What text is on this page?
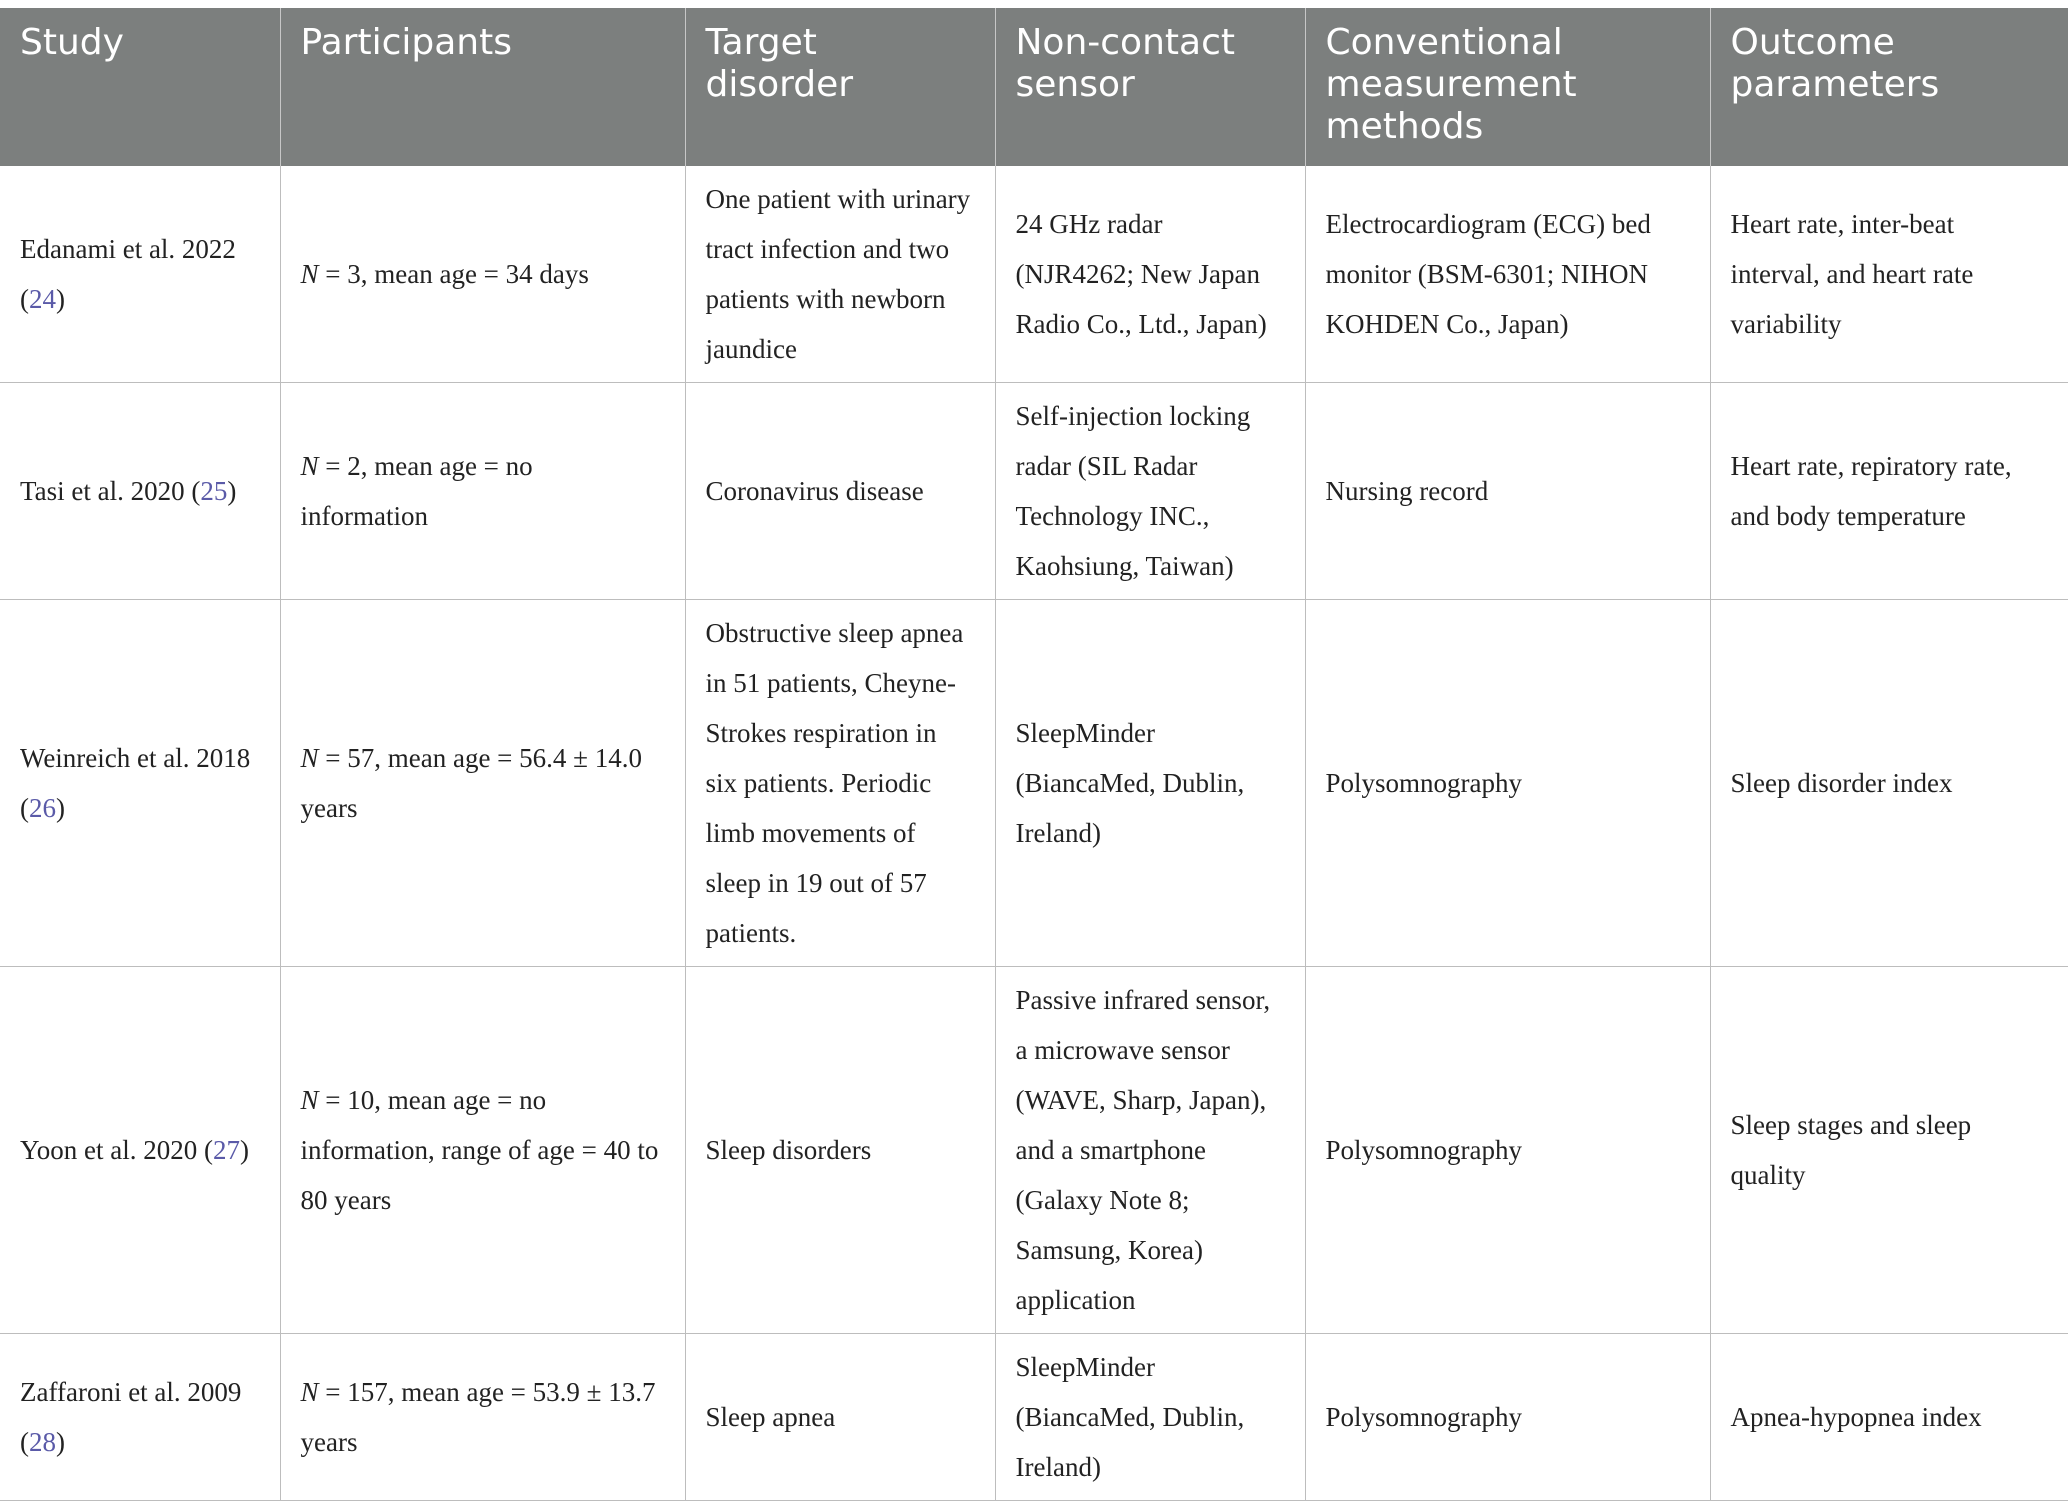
Study	Participants	Target disorder	Non-contact sensor	Conventional measurement methods	Outcome parameters
Edanami et al. 2022 (24)	N = 3, mean age = 34 days	One patient with urinary tract infection and two patients with newborn jaundice	24 GHz radar (NJR4262; New Japan Radio Co., Ltd., Japan)	Electrocardiogram (ECG) bed monitor (BSM-6301; NIHON KOHDEN Co., Japan)	Heart rate, inter-beat interval, and heart rate variability
Tasi et al. 2020 (25)	N = 2, mean age = no information	Coronavirus disease	Self-injection locking radar (SIL Radar Technology INC., Kaohsiung, Taiwan)	Nursing record	Heart rate, repiratory rate, and body temperature
Weinreich et al. 2018 (26)	N = 57, mean age = 56.4 ± 14.0 years	Obstructive sleep apnea in 51 patients, Cheyne-Strokes respiration in six patients. Periodic limb movements of sleep in 19 out of 57 patients.	SleepMinder (BiancaMed, Dublin, Ireland)	Polysomnography	Sleep disorder index
Yoon et al. 2020 (27)	N = 10, mean age = no information, range of age = 40 to 80 years	Sleep disorders	Passive infrared sensor, a microwave sensor (WAVE, Sharp, Japan), and a smartphone (Galaxy Note 8; Samsung, Korea) application	Polysomnography	Sleep stages and sleep quality
Zaffaroni et al. 2009 (28)	N = 157, mean age = 53.9 ± 13.7 years	Sleep apnea	SleepMinder (BiancaMed, Dublin, Ireland)	Polysomnography	Apnea-hypopnea index
